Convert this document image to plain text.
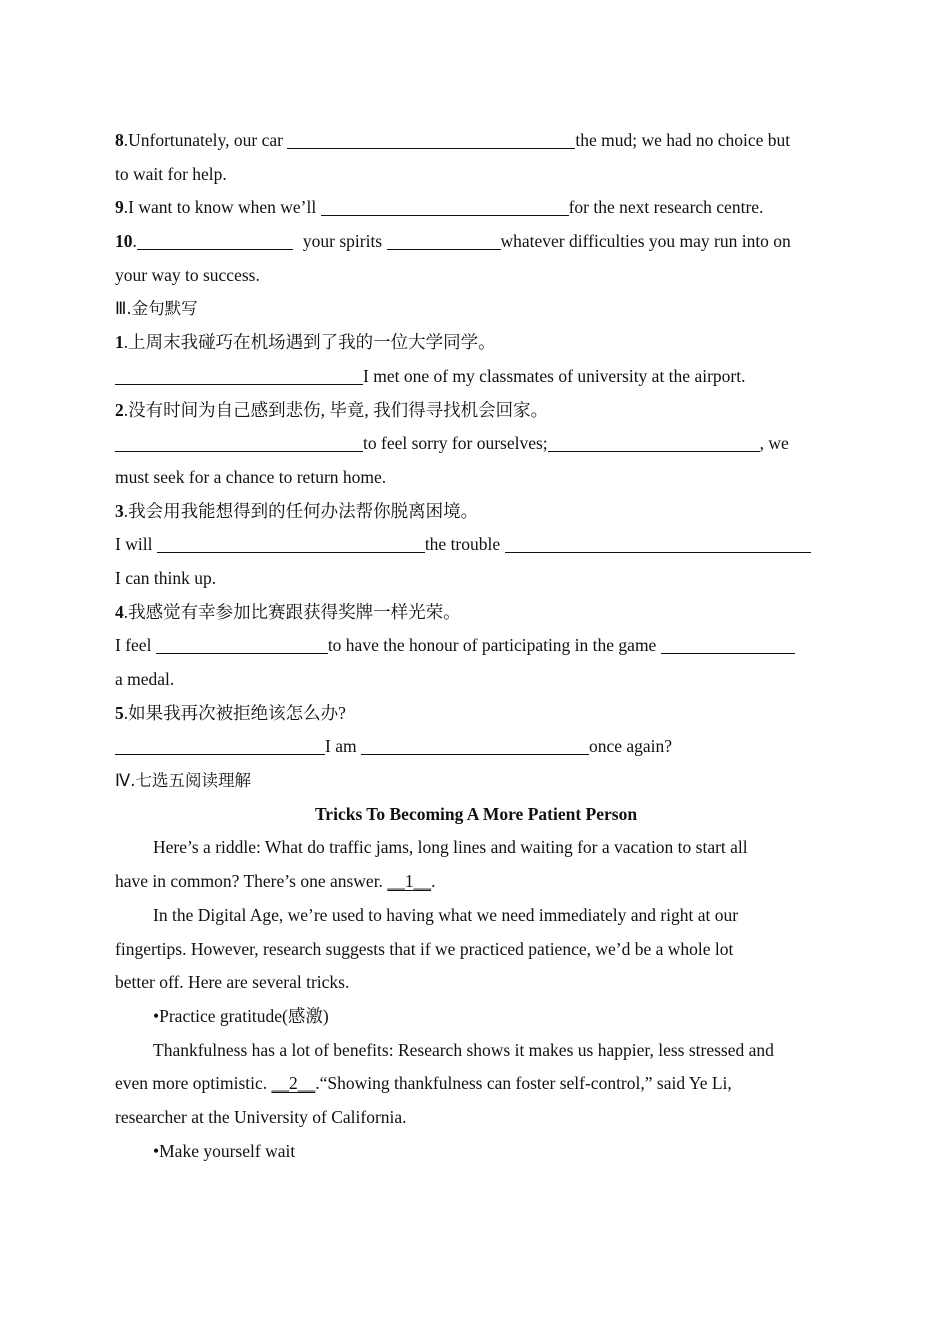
8.Unfortunately, our car	the mud; we had no choice but
to wait for help.
9.I want to know when we’ll	for the next research centre.
10.	your spirits	whatever difficulties you may run into on
your way to success.
Ⅲ.金句默写
1.上周末我碰巧在机场遇到了我的一位大学同学。
I met one of my classmates of university at the airport.
2.没有时间为自己感到悲伤, 毕竟, 我们得寻找机会回家。
to feel sorry for ourselves;	, we
must seek for a chance to return home.
3.我会用我能想得到的任何办法帮你脱离困境。
I will	the trouble
I can think up.
4.我感觉有幸参加比赛跟获得奖牌一样光荣。
I feel	to have the honour of participating in the game
a medal.
5.如果我再次被拒绝该怎么办?
I am	once again?
Ⅳ.七选五阅读理解
Tricks To Becoming A More Patient Person
Here’s a riddle: What do traffic jams, long lines and waiting for a vacation to start all
have in common? There’s one answer. __1__.
In the Digital Age, we’re used to having what we need immediately and right at our
fingertips. However, research suggests that if we practiced patience, we’d be a whole lot
better off. Here are several tricks.
•Practice gratitude(感激)
Thankfulness has a lot of benefits: Research shows it makes us happier, less stressed and
even more optimistic. __2__.“Showing thankfulness can foster self-control,” said Ye Li,
researcher at the University of California.
•Make yourself wait
